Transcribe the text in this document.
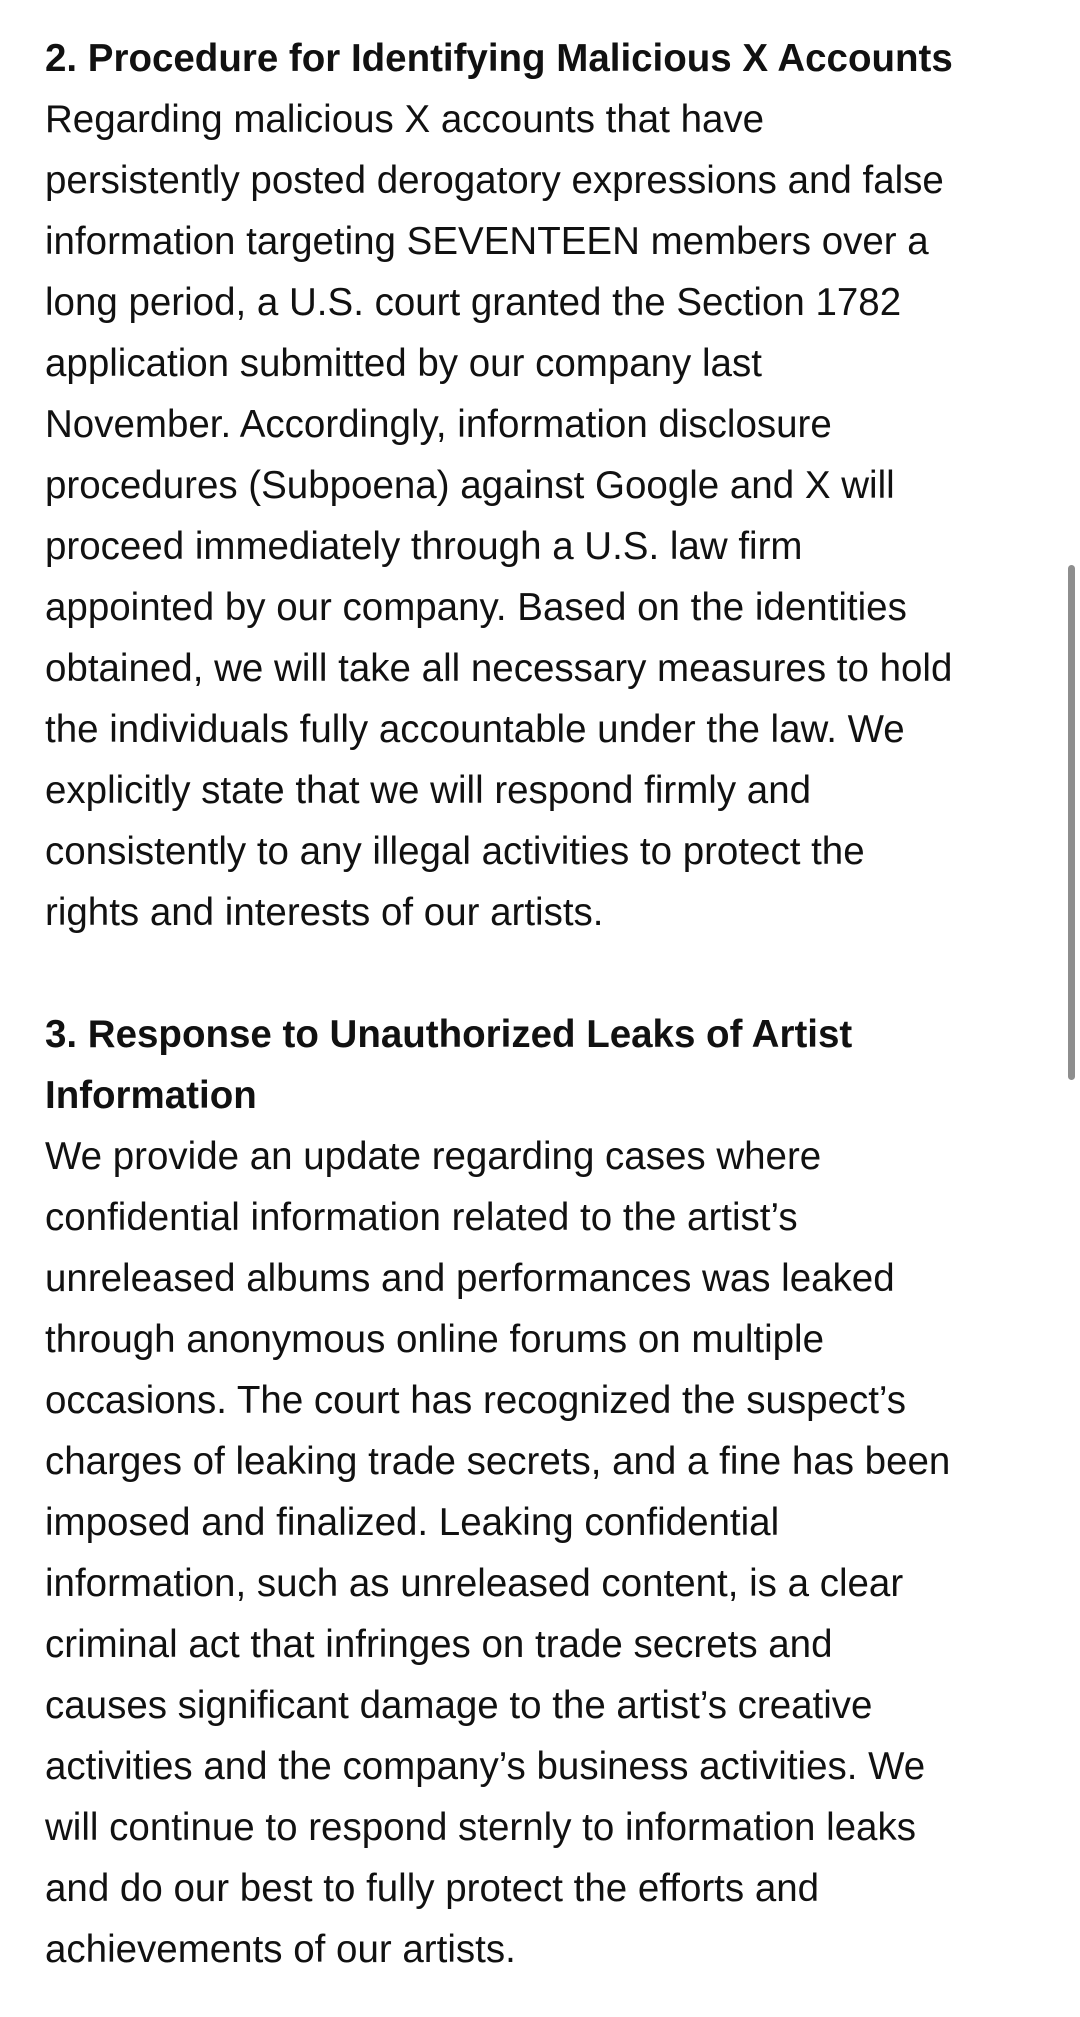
2. Procedure for Identifying Malicious X Accounts

Regarding malicious X accounts that have
persistently posted derogatory expressions and false
information targeting SEVENTEEN members over a
long period, a U.S. court granted the Section 1782
application submitted by our company last
November. Accordingly, information disclosure
procedures (Subpoena) against Google and X will
proceed immediately through a U.S. law firm
appointed by our company. Based on the identities
obtained, we will take all necessary measures to hold
the individuals fully accountable under the law. We
explicitly state that we will respond firmly and
consistently to any illegal activities to protect the
rights and interests of our artists.

3. Response to Unauthorized Leaks of Artist
Information

We provide an update regarding cases where
confidential information related to the artist’s
unreleased albums and performances was leaked
through anonymous online forums on multiple
occasions. The court has recognized the suspect’s
charges of leaking trade secrets, and a fine has been
imposed and finalized. Leaking confidential
information, such as unreleased content, is a clear
criminal act that infringes on trade secrets and
causes significant damage to the artist’s creative
activities and the company’s business activities. We
will continue to respond sternly to information leaks
and do our best to fully protect the efforts and
achievements of our artists.
